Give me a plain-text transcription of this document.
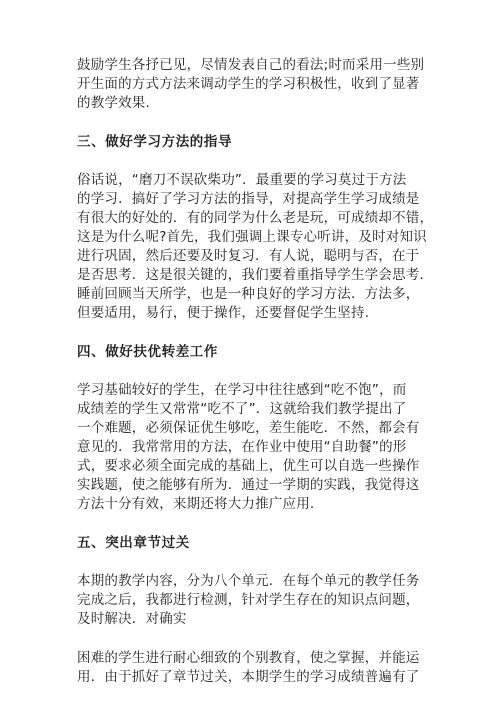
鼓励学生各抒已见，尽情发表自己的看法;时而采用一些别
开生面的方式方法来调动学生的学习积极性，收到了显著
的教学效果.

三、做好学习方法的指导

俗话说，“磨刀不误砍柴功”．最重要的学习莫过于方法
的学习．搞好了学习方法的指导，对提高学生学习成绩是
有很大的好处的．有的同学为什么老是玩，可成绩却不错，
这是为什么呢?首先，我们强调上课专心听讲，及时对知识
进行巩固，然后还要及时复习．有人说，聪明与否，在于
是否思考．这是很关键的，我们要着重指导学生学会思考．
睡前回顾当天所学，也是一种良好的学习方法．方法多，
但要适用，易行，便于操作，还要督促学生坚持.

四、做好扶优转差工作

学习基础较好的学生，在学习中往往感到“吃不饱”，而
成绩差的学生又常常“吃不了”．这就给我们教学提出了
一个难题，必须保证优生够吃，差生能吃．不然，都会有
意见的．我常常用的方法，在作业中使用“自助餐”的形
式，要求必须全面完成的基础上，优生可以自选一些操作
实践题，使之能够有所为．通过一学期的实践，我觉得这
方法十分有效，来期还将大力推广应用.

五、突出章节过关

本期的教学内容，分为八个单元．在每个单元的教学任务
完成之后，我都进行检测，针对学生存在的知识点问题，
及时解决．对确实

困难的学生进行耐心细致的个别教育，使之掌握，并能运
用．由于抓好了章节过关，本期学生的学习成绩普遍有了
